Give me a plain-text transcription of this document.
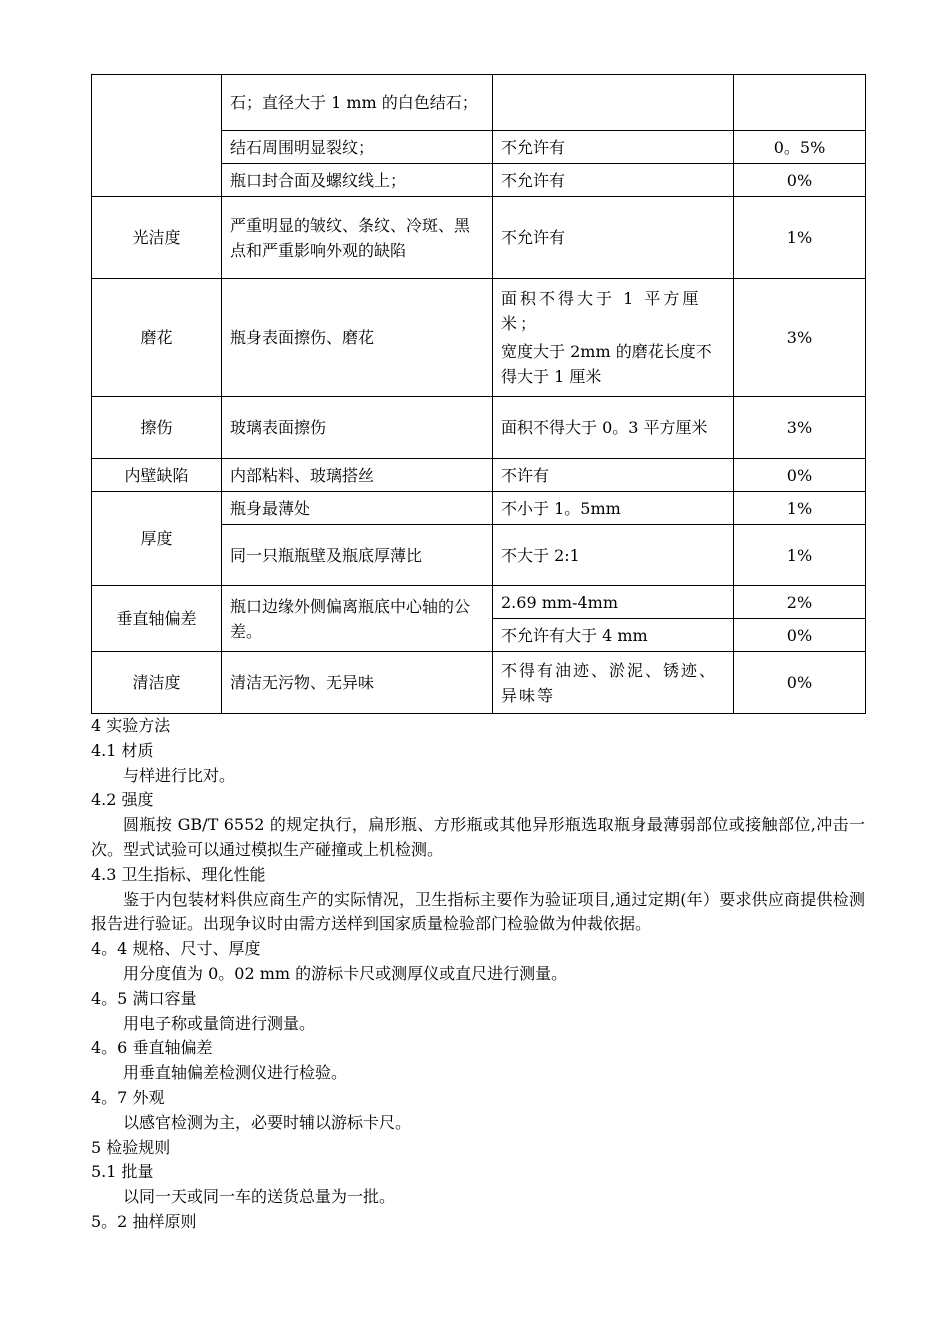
	石；直径大于 1 mm 的白色结石；		
	结石周围明显裂纹；	不允许有	0。5%
	瓶口封合面及螺纹线上；	不允许有	0%
光洁度	严重明显的皱纹、条纹、冷斑、黑点和严重影响外观的缺陷	不允许有	1%
磨花	瓶身表面擦伤、磨花	面积不得大于 1 平方厘米；
宽度大于 2mm 的磨花长度不得大于 1 厘米	3%
擦伤	玻璃表面擦伤	面积不得大于 0。3 平方厘米	3%
内壁缺陷	内部粘料、玻璃搭丝	不许有	0%
厚度	瓶身最薄处	不小于 1。5mm	1%
	同一只瓶瓶壁及瓶底厚薄比	不大于 2:1	1%
垂直轴偏差	瓶口边缘外侧偏离瓶底中心轴的公差。	2.69 mm-4mm	2%
		不允许有大于 4 mm	0%
清洁度	清洁无污物、无异味	不得有油迹、淤泥、锈迹、异味等	0%

4 实验方法

4.1 材质

与样进行比对。

4.2 强度

圆瓶按 GB/T 6552 的规定执行，扁形瓶、方形瓶或其他异形瓶选取瓶身最薄弱部位或接触部位,冲击一次。型式试验可以通过模拟生产碰撞或上机检测。

4.3 卫生指标、理化性能

鉴于内包装材料供应商生产的实际情况，卫生指标主要作为验证项目,通过定期(年）要求供应商提供检测报告进行验证。出现争议时由需方送样到国家质量检验部门检验做为仲裁依据。

4。4 规格、尺寸、厚度

用分度值为 0。02 mm 的游标卡尺或测厚仪或直尺进行测量。

4。5 满口容量

用电子称或量筒进行测量。

4。6 垂直轴偏差

用垂直轴偏差检测仪进行检验。

4。7 外观

以感官检测为主，必要时辅以游标卡尺。

5 检验规则

5.1 批量

以同一天或同一车的送货总量为一批。

5。2 抽样原则
